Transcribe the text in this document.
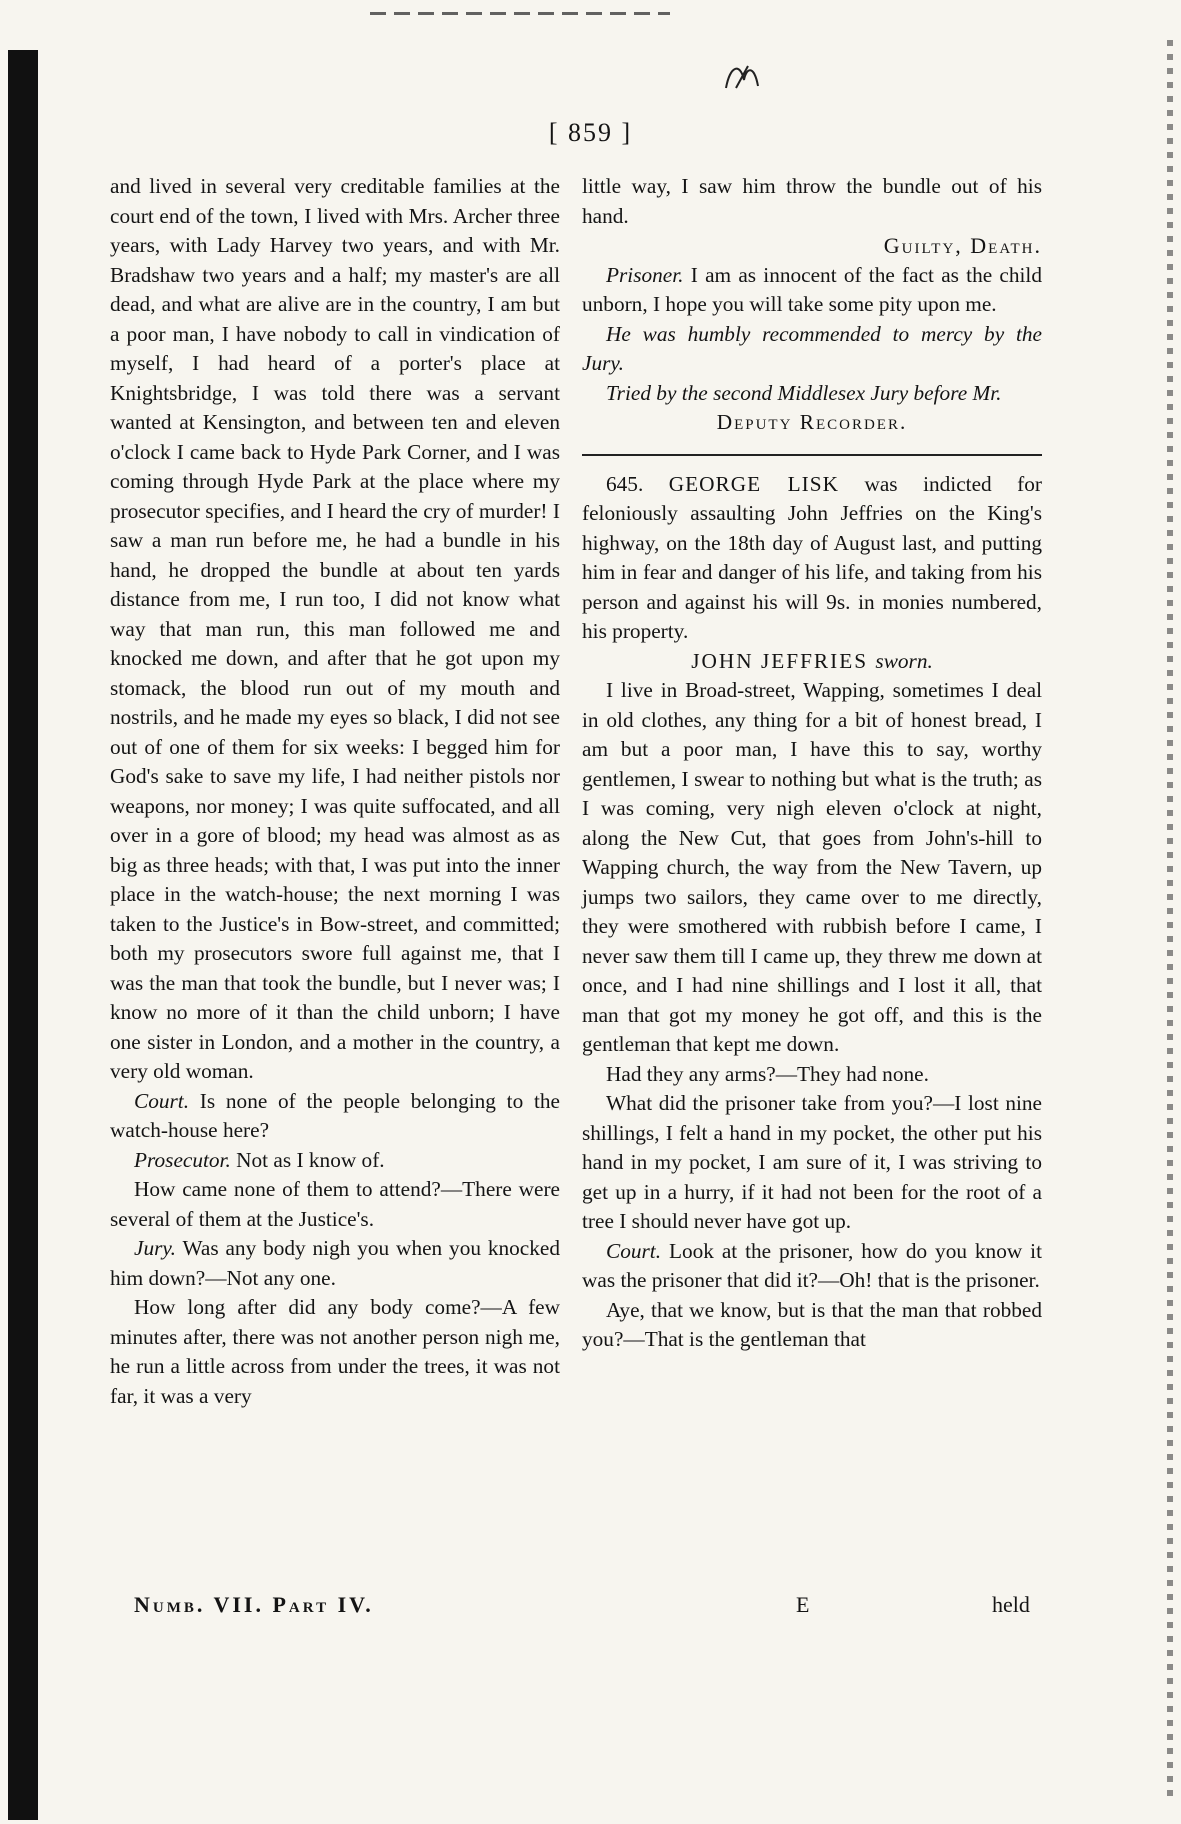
[ 859 ]

and lived in several very creditable families at the court end of the town, I lived with Mrs. Archer three years, with Lady Harvey two years, and with Mr. Bradshaw two years and a half; my master's are all dead, and what are alive are in the country, I am but a poor man, I have nobody to call in vindication of myself, I had heard of a porter's place at Knightsbridge, I was told there was a servant wanted at Kensington, and between ten and eleven o'clock I came back to Hyde Park Corner, and I was coming through Hyde Park at the place where my prosecutor specifies, and I heard the cry of murder! I saw a man run before me, he had a bundle in his hand, he dropped the bundle at about ten yards distance from me, I run too, I did not know what way that man run, this man followed me and knocked me down, and after that he got upon my stomack, the blood run out of my mouth and nostrils, and he made my eyes so black, I did not see out of one of them for six weeks: I begged him for God's sake to save my life, I had neither pistols nor weapons, nor money; I was quite suffocated, and all over in a gore of blood; my head was almost as as big as three heads; with that, I was put into the inner place in the watch-house; the next morning I was taken to the Justice's in Bow-street, and committed; both my prosecutors swore full against me, that I was the man that took the bundle, but I never was; I know no more of it than the child unborn; I have one sister in London, and a mother in the country, a very old woman.

Court. Is none of the people belonging to the watch-house here?

Prosecutor. Not as I know of.

How came none of them to attend?—There were several of them at the Justice's.

Jury. Was any body nigh you when you knocked him down?—Not any one.

How long after did any body come?—A few minutes after, there was not another person nigh me, he run a little across from under the trees, it was not far, it was a very

little way, I saw him throw the bundle out of his hand.

Guilty, Death.

Prisoner. I am as innocent of the fact as the child unborn, I hope you will take some pity upon me.

He was humbly recommended to mercy by the Jury.

Tried by the second Middlesex Jury before Mr.

Deputy Recorder.

645. GEORGE LISK was indicted for feloniously assaulting John Jeffries on the King's highway, on the 18th day of August last, and putting him in fear and danger of his life, and taking from his person and against his will 9s. in monies numbered, his property.

JOHN JEFFRIES sworn.

I live in Broad-street, Wapping, sometimes I deal in old clothes, any thing for a bit of honest bread, I am but a poor man, I have this to say, worthy gentlemen, I swear to nothing but what is the truth; as I was coming, very nigh eleven o'clock at night, along the New Cut, that goes from John's-hill to Wapping church, the way from the New Tavern, up jumps two sailors, they came over to me directly, they were smothered with rubbish before I came, I never saw them till I came up, they threw me down at once, and I had nine shillings and I lost it all, that man that got my money he got off, and this is the gentleman that kept me down.

Had they any arms?—They had none.

What did the prisoner take from you?—I lost nine shillings, I felt a hand in my pocket, the other put his hand in my pocket, I am sure of it, I was striving to get up in a hurry, if it had not been for the root of a tree I should never have got up.

Court. Look at the prisoner, how do you know it was the prisoner that did it?—Oh! that is the prisoner.

Aye, that we know, but is that the man that robbed you?—That is the gentleman that

Numb. VII. Part IV.	E	held
